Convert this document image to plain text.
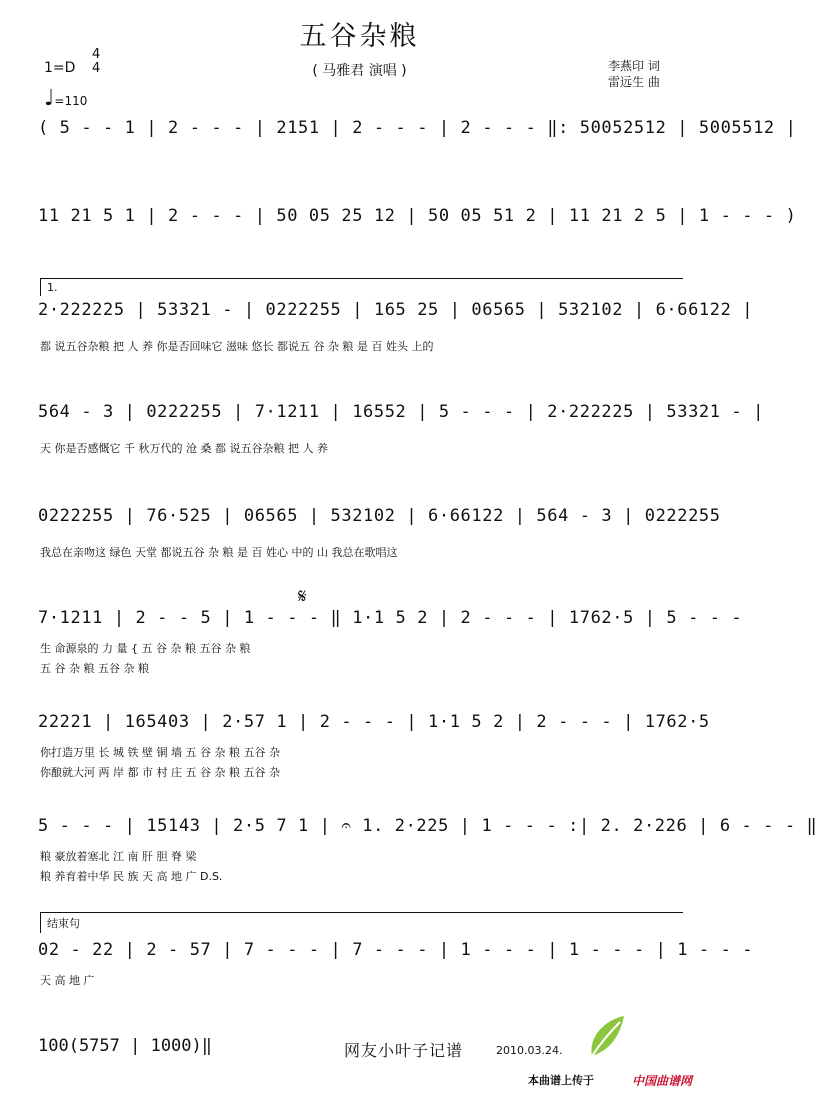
五谷杂粮
( 马雅君 演唱 )
1=D
4
4
♩=110
李燕印 词
雷远生 曲
( 5 - - 1 | 2 - - - | 2151 | 2 - - - | 2 - - - ‖: 50052512 | 5005512 |
11 21 5 1 | 2 - - - | 50 05 25 12 | 50 05 51 2 | 11 21 2 5 | 1 - - - )
1.
2·222225 | 53321 - | 0222255 | 165 25 | 06565 | 532102 | 6·66122 |
都 说五谷杂粮 把 人 养 你是否回味它 滋味 悠长 都说五 谷 杂 粮 是 百 姓头 上的
564 - 3 | 0222255 | 7·1211 | 16552 | 5 - - - | 2·222225 | 53321 - |
天 你是否感慨它 千 秋万代的 沧 桑 都 说五谷杂粮 把 人 养
0222255 | 76·525 | 06565 | 532102 | 6·66122 | 564 - 3 | 0222255
我总在亲吻这 绿色 天堂 都说五谷 杂 粮 是 百 姓心 中的 山 我总在歌唱这
𝄋
7·1211 | 2 - - 5 | 1 - - - ‖ 1·1 5 2 | 2 - - - | 1762·5 | 5 - - -
生 命源泉的 力 量 { 五 谷 杂 粮 五谷 杂 粮
五 谷 杂 粮 五谷 杂 粮
22221 | 165403 | 2·57 1 | 2 - - - | 1·1 5 2 | 2 - - - | 1762·5
你打造万里 长 城 铁 壁 铜 墙 五 谷 杂 粮 五谷 杂
你酿就大河 两 岸 都 市 村 庄 五 谷 杂 粮 五谷 杂
5 - - - | 15143 | 2·5 7 1 | 𝄐 1. 2·225 | 1 - - - :| 2. 2·226 | 6 - - - ‖
粮 豪放着塞北 江 南 肝 胆 脊 梁
粮 养育着中华 民 族 天 高 地 广 D.S.
结束句
02 - 22 | 2 - 57 | 7 - - - | 7 - - - | 1 - - - | 1 - - - | 1 - - -
天 高 地 广
100(5757 | 1000)‖	网友小叶子记谱	2010.03.24.
本曲谱上传于	中国曲谱网
